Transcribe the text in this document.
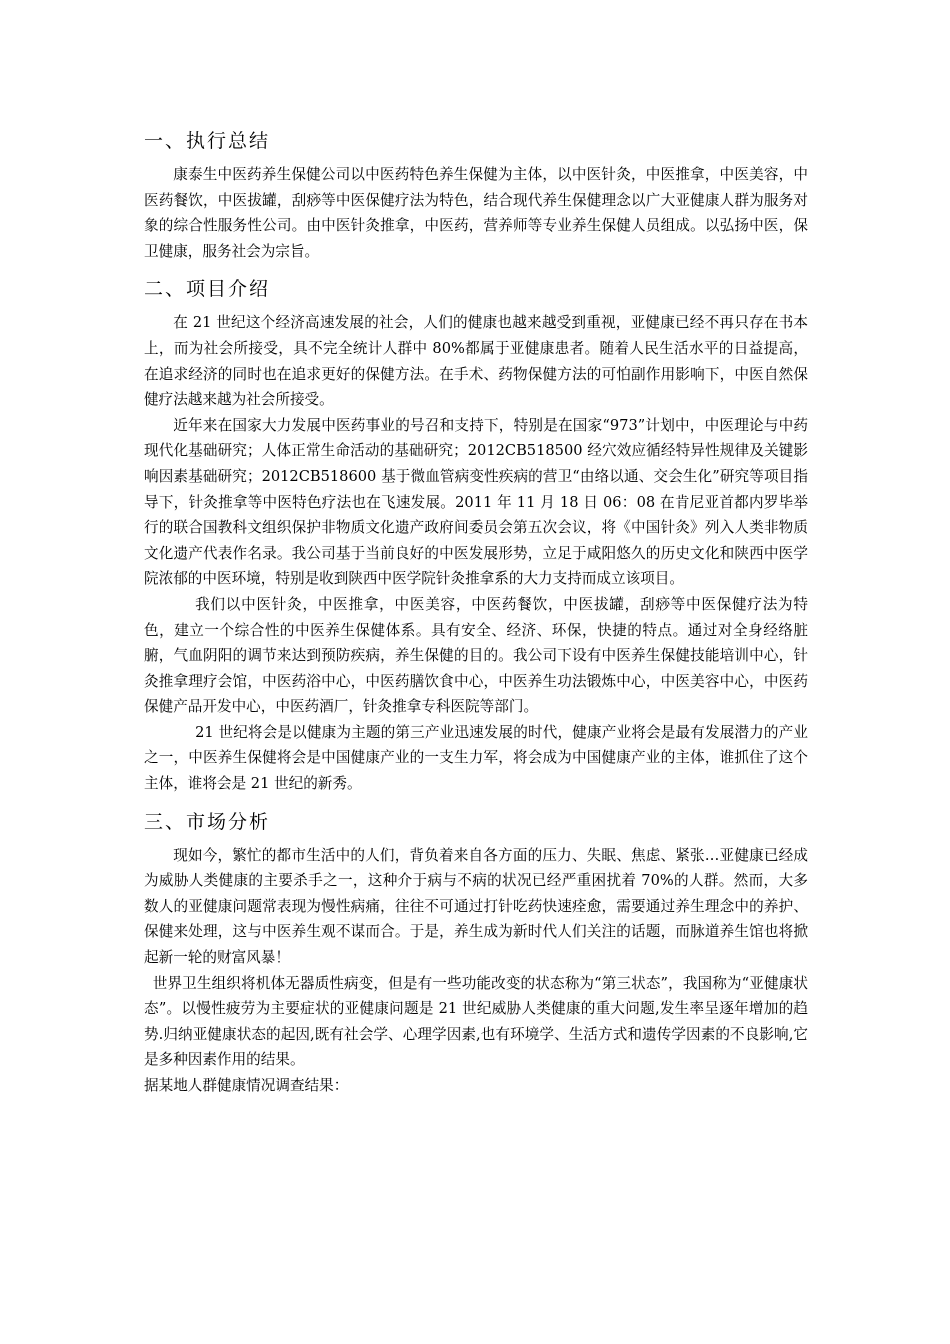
一、执行总结

康泰生中医药养生保健公司以中医药特色养生保健为主体，以中医针灸，中医推拿，中医美容，中医药餐饮，中医拔罐，刮痧等中医保健疗法为特色，结合现代养生保健理念以广大亚健康人群为服务对象的综合性服务性公司。由中医针灸推拿，中医药，营养师等专业养生保健人员组成。以弘扬中医，保卫健康，服务社会为宗旨。

二、项目介绍

在 21 世纪这个经济高速发展的社会，人们的健康也越来越受到重视，亚健康已经不再只存在书本上，而为社会所接受，具不完全统计人群中 80%都属于亚健康患者。随着人民生活水平的日益提高，在追求经济的同时也在追求更好的保健方法。在手术、药物保健方法的可怕副作用影响下，中医自然保健疗法越来越为社会所接受。

近年来在国家大力发展中医药事业的号召和支持下，特别是在国家“973”计划中，中医理论与中药现代化基础研究；人体正常生命活动的基础研究；2012CB518500 经穴效应循经特异性规律及关键影响因素基础研究；2012CB518600 基于微血管病变性疾病的营卫“由络以通、交会生化”研究等项目指导下，针灸推拿等中医特色疗法也在飞速发展。2011 年 11 月 18 日 06：08 在肯尼亚首都内罗毕举行的联合国教科文组织保护非物质文化遗产政府间委员会第五次会议，将《中国针灸》列入人类非物质文化遗产代表作名录。我公司基于当前良好的中医发展形势，立足于咸阳悠久的历史文化和陕西中医学院浓郁的中医环境，特别是收到陕西中医学院针灸推拿系的大力支持而成立该项目。

我们以中医针灸，中医推拿，中医美容，中医药餐饮，中医拔罐，刮痧等中医保健疗法为特色，建立一个综合性的中医养生保健体系。具有安全、经济、环保，快捷的特点。通过对全身经络脏腑，气血阴阳的调节来达到预防疾病，养生保健的目的。我公司下设有中医养生保健技能培训中心，针灸推拿理疗会馆，中医药浴中心，中医药膳饮食中心，中医养生功法锻炼中心，中医美容中心，中医药保健产品开发中心，中医药酒厂，针灸推拿专科医院等部门。

21 世纪将会是以健康为主题的第三产业迅速发展的时代，健康产业将会是最有发展潜力的产业之一，中医养生保健将会是中国健康产业的一支生力军，将会成为中国健康产业的主体，谁抓住了这个主体，谁将会是 21 世纪的新秀。

三、市场分析

现如今，繁忙的都市生活中的人们，背负着来自各方面的压力、失眠、焦虑、紧张…亚健康已经成为威胁人类健康的主要杀手之一，这种介于病与不病的状况已经严重困扰着 70%的人群。然而，大多数人的亚健康问题常表现为慢性病痛，往往不可通过打针吃药快速痊愈，需要通过养生理念中的养护、保健来处理，这与中医养生观不谋而合。于是，养生成为新时代人们关注的话题，而脉道养生馆也将掀起新一轮的财富风暴！

世界卫生组织将机体无器质性病变，但是有一些功能改变的状态称为“第三状态”，我国称为“亚健康状态”。以慢性疲劳为主要症状的亚健康问题是 21 世纪威胁人类健康的重大问题,发生率呈逐年增加的趋势.归纳亚健康状态的起因,既有社会学、心理学因素,也有环境学、生活方式和遗传学因素的不良影响,它是多种因素作用的结果。

据某地人群健康情况调查结果：
